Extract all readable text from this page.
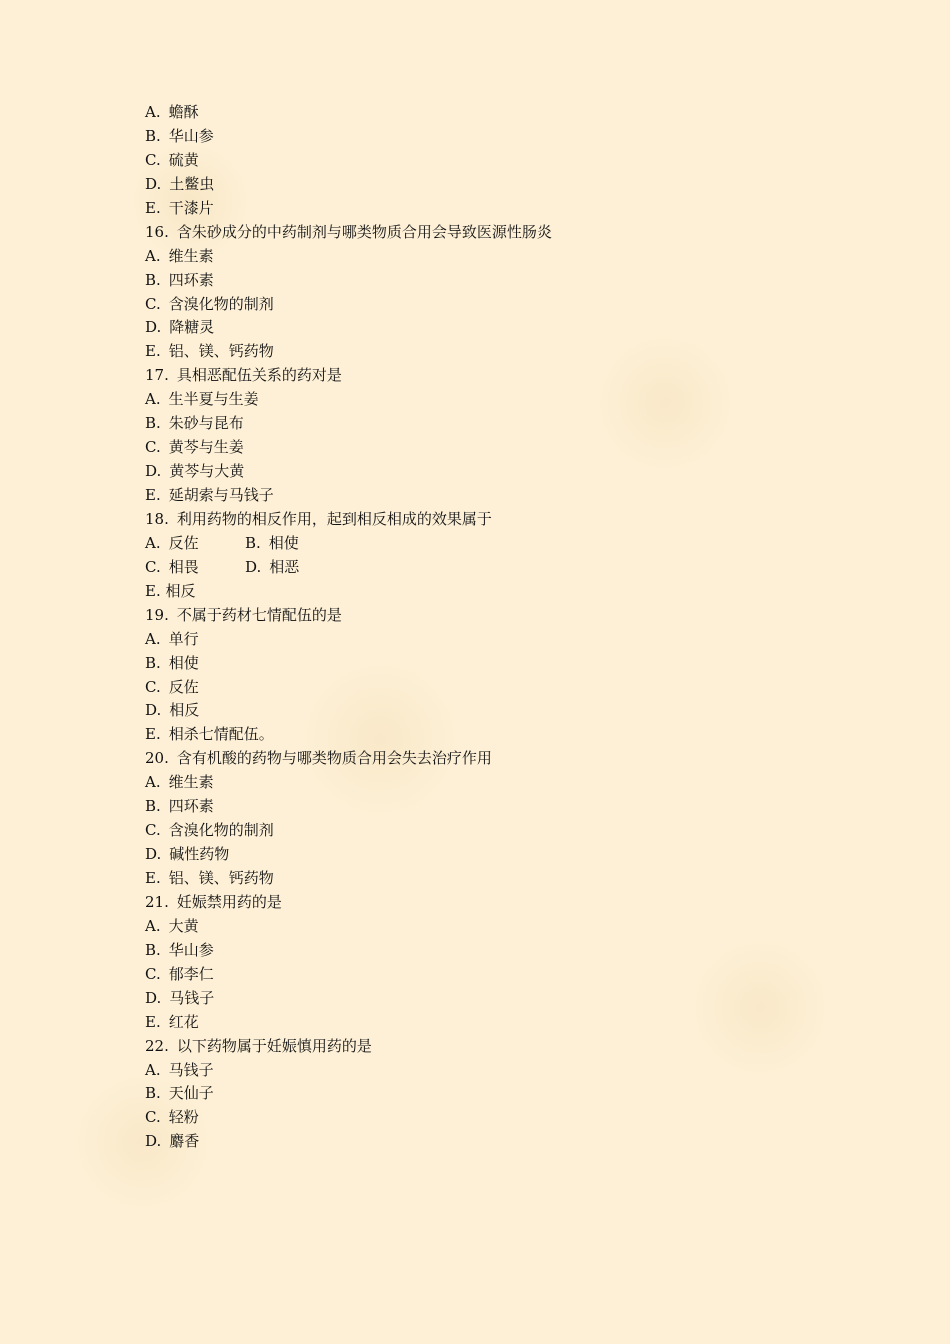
A. 蟾酥
B. 华山参
C. 硫黄
D. 土鳖虫
E. 干漆片
16. 含朱砂成分的中药制剂与哪类物质合用会导致医源性肠炎
A. 维生素
B. 四环素
C. 含溴化物的制剂
D. 降糖灵
E. 铝、镁、钙药物
17. 具相恶配伍关系的药对是
A. 生半夏与生姜
B. 朱砂与昆布
C. 黄芩与生姜
D. 黄芩与大黄
E. 延胡索与马钱子
18. 利用药物的相反作用，起到相反相成的效果属于
A. 反佐	B. 相使
C. 相畏	D. 相恶
E. 相反
19. 不属于药材七情配伍的是
A. 单行
B. 相使
C. 反佐
D. 相反
E. 相杀七情配伍。
20. 含有机酸的药物与哪类物质合用会失去治疗作用
A. 维生素
B. 四环素
C. 含溴化物的制剂
D. 碱性药物
E. 铝、镁、钙药物
21. 妊娠禁用药的是
A. 大黄
B. 华山参
C. 郁李仁
D. 马钱子
E. 红花
22. 以下药物属于妊娠慎用药的是
A. 马钱子
B. 天仙子
C. 轻粉
D. 麝香
